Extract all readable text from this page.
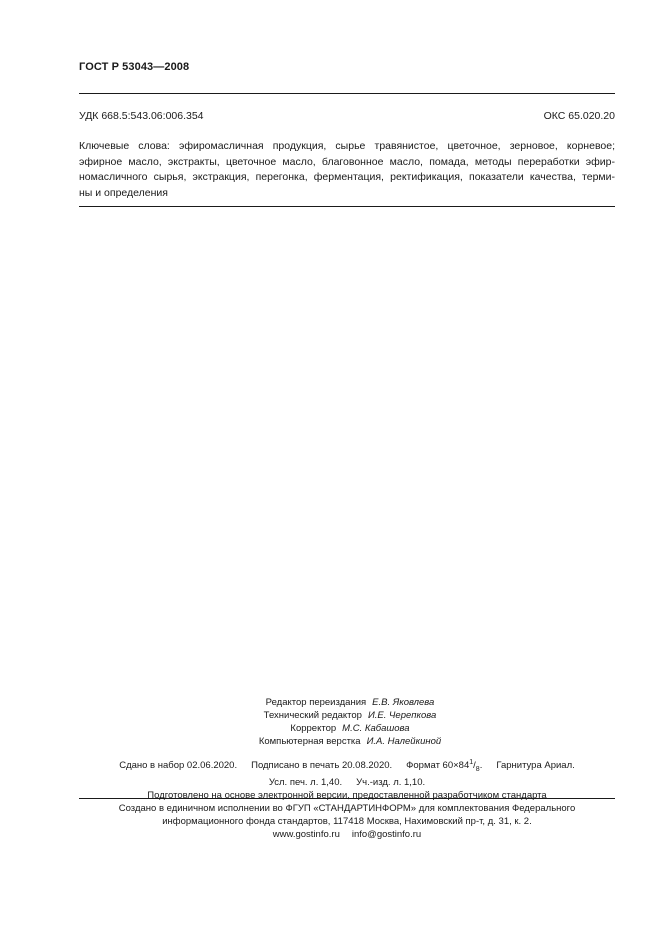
ГОСТ Р 53043—2008
УДК 668.5:543.06:006.354	ОКС 65.020.20
Ключевые слова: эфиромасличная продукция, сырье травянистое, цветочное, зерновое, корневое;
эфирное масло, экстракты, цветочное масло, благовонное масло, помада, методы переработки эфир-
номасличного сырья, экстракция, перегонка, ферментация, ректификация, показатели качества, терми-
ны и определения
Редактор переиздания Е.В. Яковлева
Технический редактор И.Е. Черепкова
Корректор М.С. Кабашова
Компьютерная верстка И.А. Налейкиной
Сдано в набор 02.06.2020. Подписано в печать 20.08.2020. Формат $60\times 84^1/_8$. Гарнитура Ариал.
Усл. печ. л. 1,40. Уч.-изд. л. 1,10.
Подготовлено на основе электронной версии, предоставленной разработчиком стандарта
Создано в единичном исполнении во ФГУП «СТАНДАРТИНФОРМ» для комплектования Федерального
информационного фонда стандартов, 117418 Москва, Нахимовский пр-т, д. 31, к. 2.
www.gostinfo.ru info@gostinfo.ru
